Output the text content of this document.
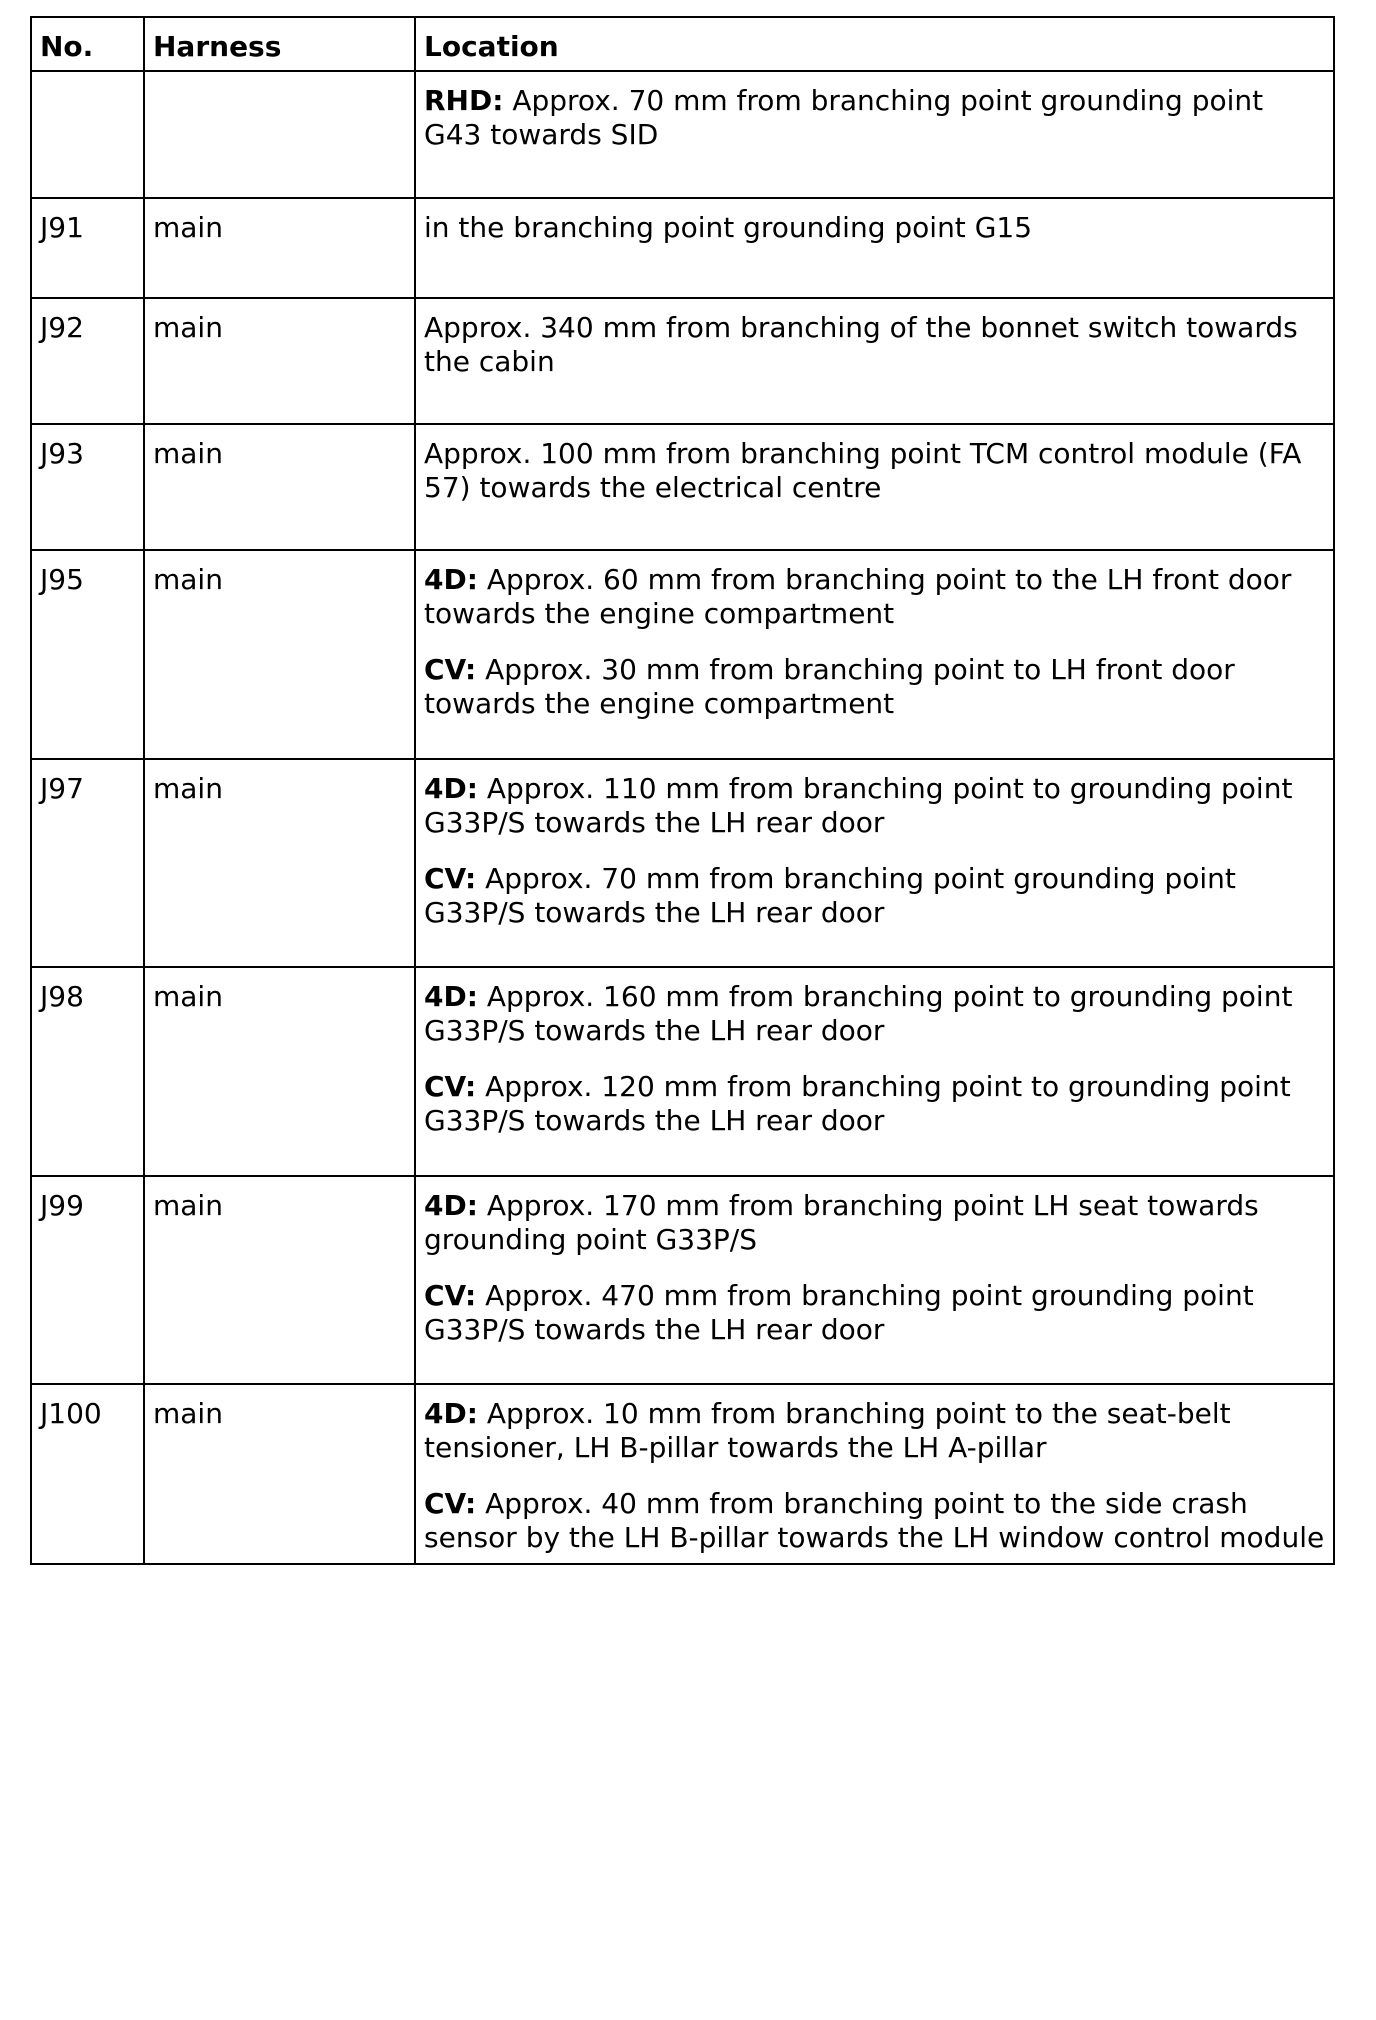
No.	Harness	Location

		RHD: Approx. 70 mm from branching point grounding point G43 towards SID

J91	main	in the branching point grounding point G15

J92	main	Approx. 340 mm from branching of the bonnet switch towards the cabin

J93	main	Approx. 100 mm from branching point TCM control module (FA 57) towards the electrical centre

J95	main	4D: Approx. 60 mm from branching point to the LH front door towards the engine compartment

CV: Approx. 30 mm from branching point to LH front door towards the engine compartment

J97	main	4D: Approx. 110 mm from branching point to grounding point G33P/S towards the LH rear door

CV: Approx. 70 mm from branching point grounding point G33P/S towards the LH rear door

J98	main	4D: Approx. 160 mm from branching point to grounding point G33P/S towards the LH rear door

CV: Approx. 120 mm from branching point to grounding point G33P/S towards the LH rear door

J99	main	4D: Approx. 170 mm from branching point LH seat towards grounding point G33P/S

CV: Approx. 470 mm from branching point grounding point G33P/S towards the LH rear door

J100	main	4D: Approx. 10 mm from branching point to the seat-belt tensioner, LH B-pillar towards the LH A-pillar

CV: Approx. 40 mm from branching point to the side crash sensor by the LH B-pillar towards the LH window control module
